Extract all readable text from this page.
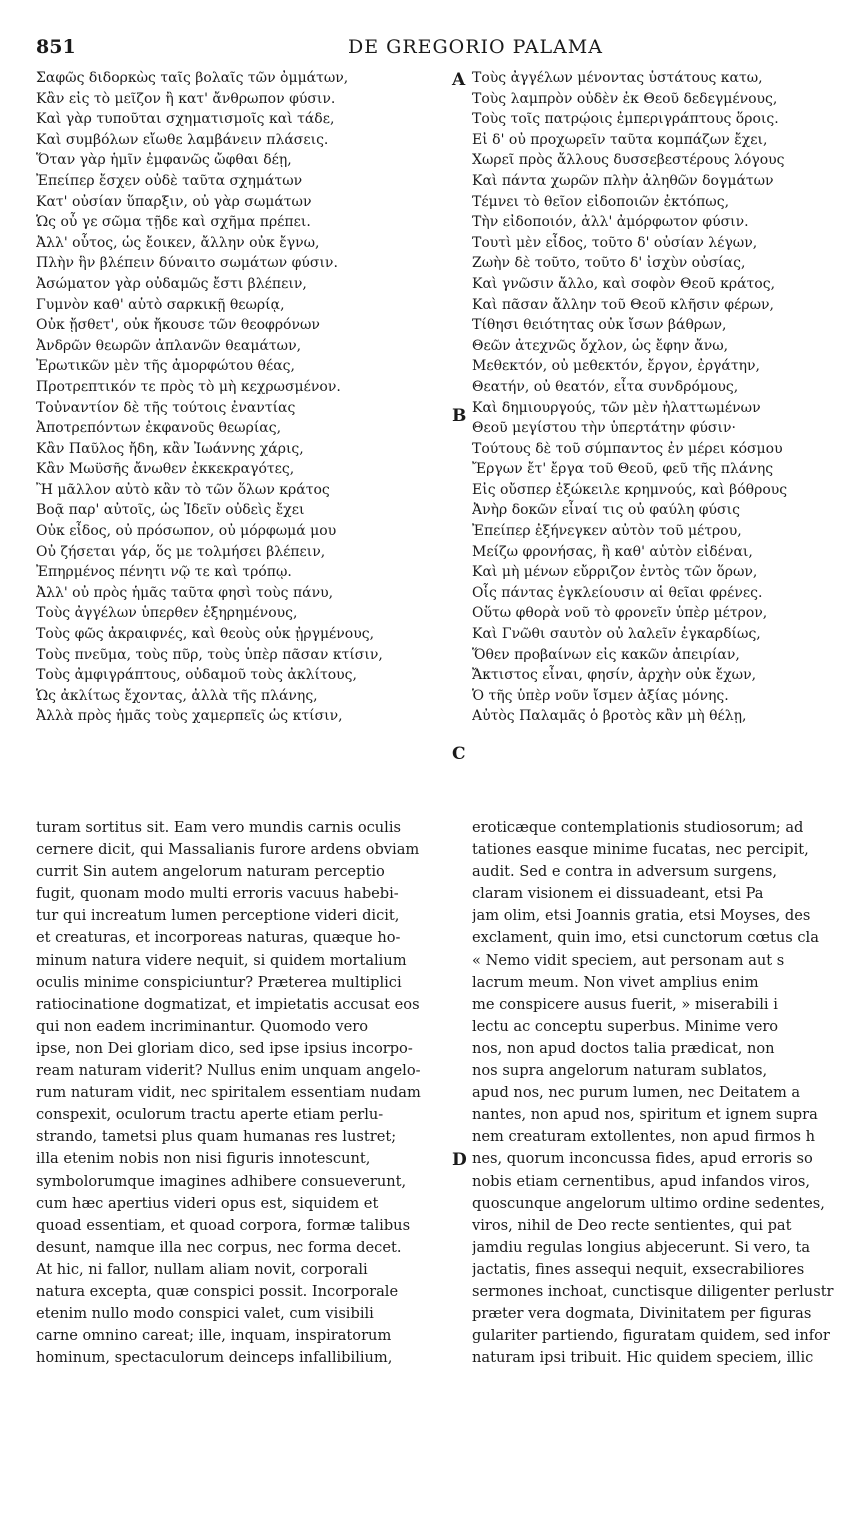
851	DE GREGORIO PALAMA
Σαφῶς διδορκὼς ταῖς βολαῖς τῶν ὀμμάτων,
Κἂν εἰς τὸ μεῖζον ἢ κατ' ἄνθρωπον φύσιν.
Καὶ γὰρ τυποῦται σχηματισμοῖς καὶ τάδε,
Καὶ συμβόλων εἴωθε λαμβάνειν πλάσεις.
Ὅταν γὰρ ἡμῖν ἐμφανῶς ὤφθαι δέῃ,
Ἐπείπερ ἔσχεν οὐδὲ ταῦτα σχημάτων
Κατ' οὐσίαν ὕπαρξιν, οὐ γὰρ σωμάτων
Ὡς οὖ γε σῶμα τῇδε καὶ σχῆμα πρέπει.
Ἀλλ' οὗτος, ὡς ἔοικεν, ἄλλην οὐκ ἔγνω,
Πλὴν ἣν βλέπειν δύναιτο σωμάτων φύσιν.
Ἀσώματον γὰρ οὐδαμῶς ἔστι βλέπειν,
Γυμνὸν καθ' αὑτὸ σαρκικῇ θεωρίᾳ,
Οὐκ ᾔσθετ', οὐκ ἤκουσε τῶν θεοφρόνων
Ἀνδρῶν θεωρῶν ἀπλανῶν θεαμάτων,
Ἐρωτικῶν μὲν τῆς ἀμορφώτου θέας,
Προτρεπτικόν τε πρὸς τὸ μὴ κεχρωσμένον.
Τοὐναντίον δὲ τῆς τούτοις ἐναντίας
Ἀποτρεπόντων ἐκφανοῦς θεωρίας,
Κἂν Παῦλος ἤδη, κἂν Ἰωάννης χάρις,
Κἂν Μωϋσῆς ἄνωθεν ἐκκεκραγότες,
Ἢ μᾶλλον αὐτὸ κἂν τὸ τῶν ὅλων κράτος
Βοᾷ παρ' αὐτοῖς, ὡς Ἰδεῖν οὐδεὶς ἔχει
Οὐκ εἶδος, οὐ πρόσωπον, οὐ μόρφωμά μου
Οὐ ζήσεται γάρ, ὅς με τολμήσει βλέπειν,
Ἐπηρμένος πένητι νῷ τε καὶ τρόπῳ.
Ἀλλ' οὐ πρὸς ἡμᾶς ταῦτα φησὶ τοὺς πάνυ,
Τοὺς ἀγγέλων ὑπερθεν ἐξηρημένους,
Τοὺς φῶς ἀκραιφνές, καὶ θεοὺς οὐκ ᾐργμένους,
Τοὺς πνεῦμα, τοὺς πῦρ, τοὺς ὑπὲρ πᾶσαν κτίσιν,
Τοὺς ἀμφιγράπτους, οὐδαμοῦ τοὺς ἀκλίτους,
Ὡς ἀκλίτως ἔχοντας, ἀλλὰ τῆς πλάνης,
Ἀλλὰ πρὸς ἡμᾶς τοὺς χαμερπεῖς ὡς κτίσιν,
Τοὺς ἀγγέλων μένοντας ὑστάτους κατω,
Τοὺς λαμπρὸν οὐδὲν ἐκ Θεοῦ δεδεγμένους,
Τοὺς τοῖς πατρῴοις ἐμπεριγράπτους ὅροις.
Εἰ δ' οὐ προχωρεῖν ταῦτα κομπάζων ἔχει,
Χωρεῖ πρὸς ἄλλους δυσσεβεστέρους λόγους
Καὶ πάντα χωρῶν πλὴν ἀληθῶν δογμάτων
Τέμνει τὸ θεῖον εἰδοποιῶν ἐκτόπως,
Τὴν εἰδοποιόν, ἀλλ' ἀμόρφωτον φύσιν.
Τουτὶ μὲν εἶδος, τοῦτο δ' οὐσίαν λέγων,
Ζωὴν δὲ τοῦτο, τοῦτο δ' ἰσχὺν οὐσίας,
Καὶ γνῶσιν ἄλλο, καὶ σοφὸν Θεοῦ κράτος,
Καὶ πᾶσαν ἄλλην τοῦ Θεοῦ κλῆσιν φέρων,
Τίθησι θειότητας οὐκ ἴσων βάθρων,
Θεῶν ἀτεχνῶς ὄχλον, ὡς ἔφην ἄνω,
Μεθεκτόν, οὐ μεθεκτόν, ἔργον, ἐργάτην,
Θεατήν, οὐ θεατόν, εἶτα συνδρόμους,
Καὶ δημιουργούς, τῶν μὲν ἠλαττωμένων
Θεοῦ μεγίστου τὴν ὑπερτάτην φύσιν·
Τούτους δὲ τοῦ σύμπαντος ἐν μέρει κόσμου
Ἔργων ἔτ' ἔργα τοῦ Θεοῦ, φεῦ τῆς πλάνης
Εἰς οὔσπερ ἐξώκειλε κρημνούς, καὶ βόθρους
Ἀνὴρ δοκῶν εἶναί τις οὐ φαύλη φύσις
Ἐπείπερ ἐξήνεγκεν αὐτὸν τοῦ μέτρου,
Μείζω φρονήσας, ἢ καθ' αὑτὸν εἰδέναι,
Καὶ μὴ μένων εὔρριζον ἐντὸς τῶν ὅρων,
Οἷς πάντας ἐγκλείουσιν αἱ θεῖαι φρένες.
Οὕτω φθορὰ νοῦ τὸ φρονεῖν ὑπὲρ μέτρον,
Καὶ Γνῶθι σαυτὸν οὐ λαλεῖν ἐγκαρδίως,
Ὅθεν προβαίνων εἰς κακῶν ἀπειρίαν,
Ἄκτιστος εἶναι, φησίν, ἀρχὴν οὐκ ἔχων,
Ὁ τῆς ὑπὲρ νοῦν ἴσμεν ἀξίας μόνης.
Αὐτὸς Παλαμᾶς ὁ βροτὸς κἂν μὴ θέλῃ,
turam sortitus sit. Eam vero mundis carnis oculis
cernere dicit, qui Massalianis furore ardens obviam
currit Sin autem angelorum naturam perceptio
fugit, quonam modo multi erroris vacuus habebi-
tur qui increatum lumen perceptione videri dicit,
et creaturas, et incorporeas naturas, quæque ho-
minum natura videre nequit, si quidem mortalium
oculis minime conspiciuntur? Præterea multiplici
ratiocinatione dogmatizat, et impietatis accusat eos
qui non eadem incriminantur. Quomodo vero
ipse, non Dei gloriam dico, sed ipse ipsius incorpo-
ream naturam viderit? Nullus enim unquam angelo-
rum naturam vidit, nec spiritalem essentiam nudam
conspexit, oculorum tractu aperte etiam perlu-
strando, tametsi plus quam humanas res lustret;
illa etenim nobis non nisi figuris innotescunt,
symbolorumque imagines adhibere consueverunt,
cum hæc apertius videri opus est, siquidem et
quoad essentiam, et quoad corpora, formæ talibus
desunt, namque illa nec corpus, nec forma decet.
At hic, ni fallor, nullam aliam novit, corporali
natura excepta, quæ conspici possit. Incorporale
etenim nullo modo conspici valet, cum visibili
carne omnino careat; ille, inquam, inspiratorum
hominum, spectaculorum deinceps infallibilium,
eroticæque contemplationis studiosorum; ad
tationes easque minime fucatas, nec percipit,
audit. Sed e contra in adversum surgens,
claram visionem ei dissuadeant, etsi Pa
jam olim, etsi Joannis gratia, etsi Moyses, des
exclament, quin imo, etsi cunctorum cœtus cla
« Nemo vidit speciem, aut personam aut s
lacrum meum. Non vivet amplius enim
me conspicere ausus fuerit, » miserabili i
lectu ac conceptu superbus. Minime vero
nos, non apud doctos talia prædicat, non
nos supra angelorum naturam sublatos,
apud nos, nec purum lumen, nec Deitatem a
nantes, non apud nos, spiritum et ignem supra
nem creaturam extollentes, non apud firmos h
nes, quorum inconcussa fides, apud erroris so
nobis etiam cernentibus, apud infandos viros,
quoscunque angelorum ultimo ordine sedentes,
viros, nihil de Deo recte sentientes, qui pat
jamdiu regulas longius abjecerunt. Si vero, ta
jactatis, fines assequi nequit, exsecrabiliores
sermones inchoat, cunctisque diligenter perlustr
præter vera dogmata, Divinitatem per figuras
gulariter partiendo, figuratam quidem, sed infor
naturam ipsi tribuit. Hic quidem speciem, illic
A
B
C
D
